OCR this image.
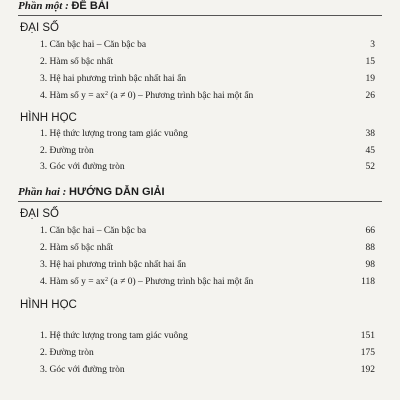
Phần một : ĐỀ BÀI
ĐẠI SỐ
1. Căn bậc hai – Căn bậc ba	3
2. Hàm số bậc nhất	15
3. Hệ hai phương trình bậc nhất hai ẩn	19
4. Hàm số $y = ax^2$ (a ≠ 0) – Phương trình bậc hai một ẩn	26
HÌNH HỌC
1. Hệ thức lượng trong tam giác vuông	38
2. Đường tròn	45
3. Góc với đường tròn	52
Phần hai : HƯỚNG DẪN GIẢI
ĐẠI SỐ
1. Căn bậc hai – Căn bậc ba	66
2. Hàm số bậc nhất	88
3. Hệ hai phương trình bậc nhất hai ẩn	98
4. Hàm số $y = ax^2$ (a ≠ 0) – Phương trình bậc hai một ẩn	118
HÌNH HỌC
1. Hệ thức lượng trong tam giác vuông	151
2. Đường tròn	175
3. Góc với đường tròn	192
